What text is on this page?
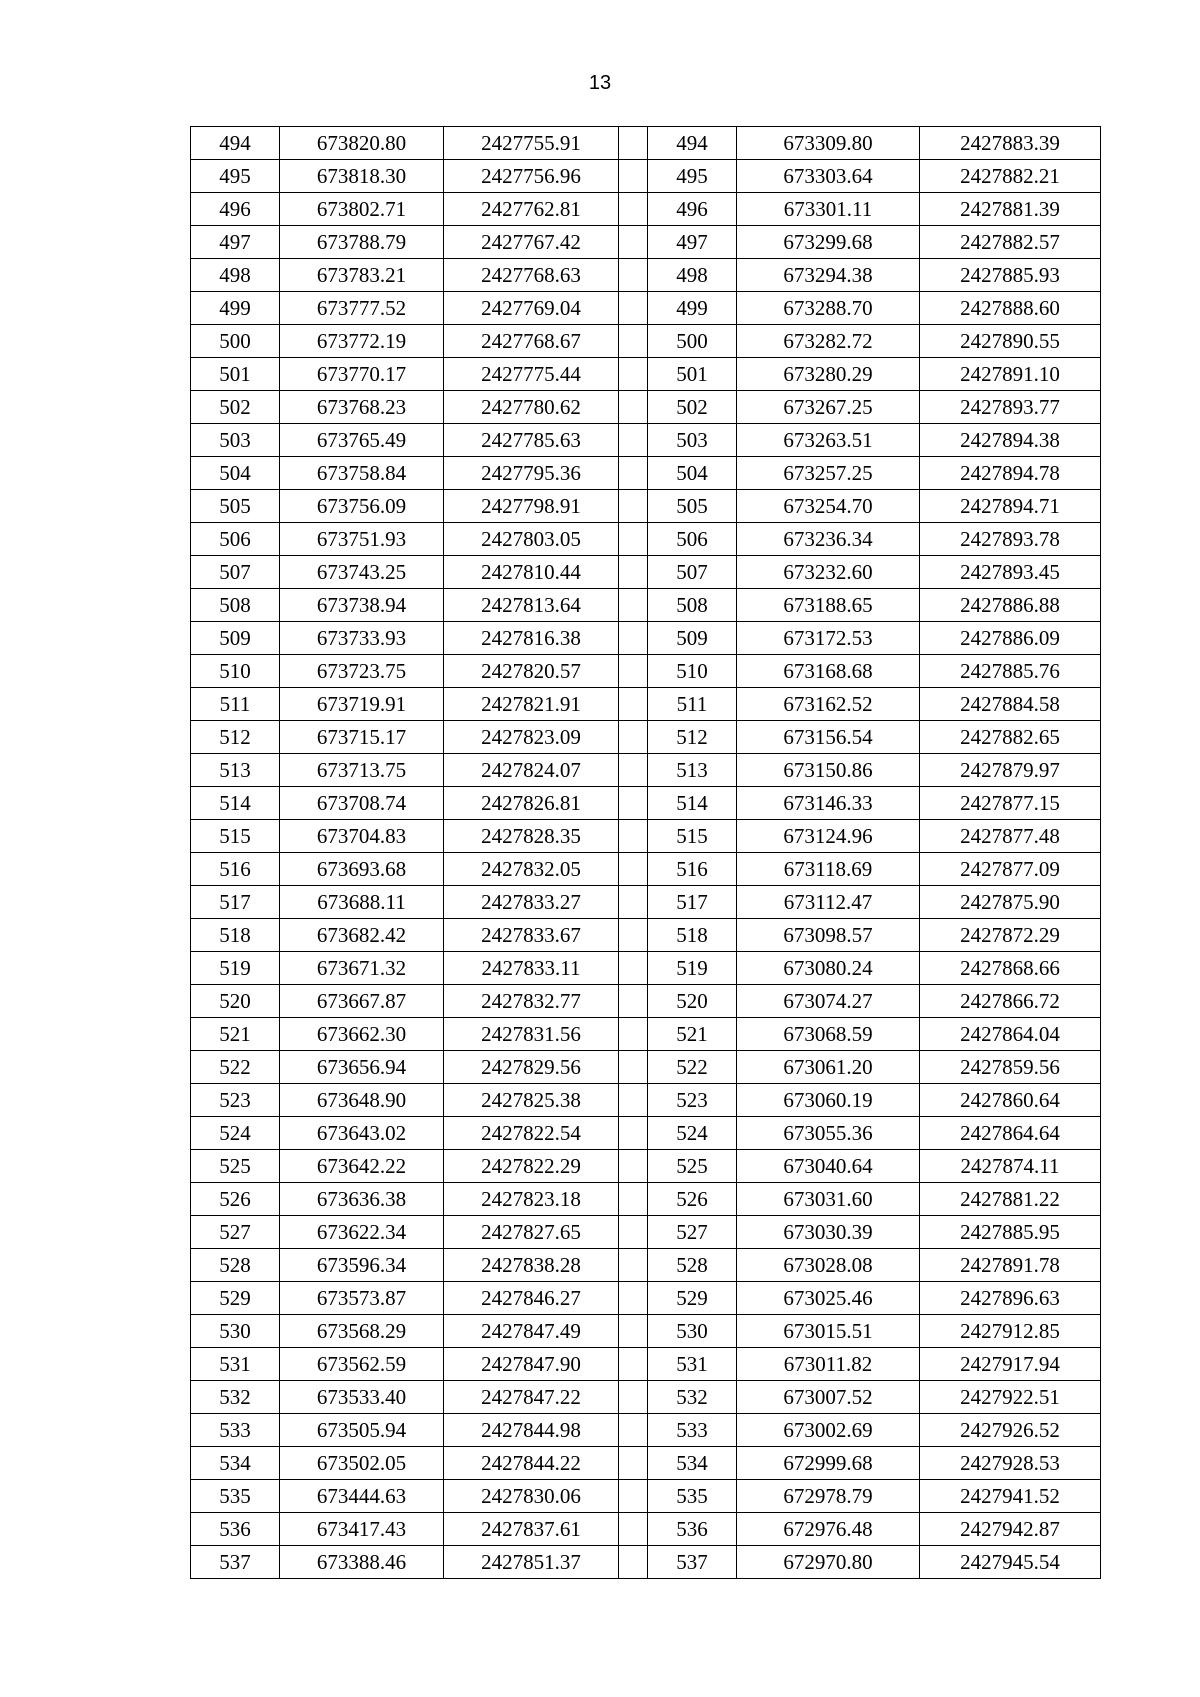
13
494	673820.80	2427755.91		494	673309.80	2427883.39
495	673818.30	2427756.96		495	673303.64	2427882.21
496	673802.71	2427762.81		496	673301.11	2427881.39
497	673788.79	2427767.42		497	673299.68	2427882.57
498	673783.21	2427768.63		498	673294.38	2427885.93
499	673777.52	2427769.04		499	673288.70	2427888.60
500	673772.19	2427768.67		500	673282.72	2427890.55
501	673770.17	2427775.44		501	673280.29	2427891.10
502	673768.23	2427780.62		502	673267.25	2427893.77
503	673765.49	2427785.63		503	673263.51	2427894.38
504	673758.84	2427795.36		504	673257.25	2427894.78
505	673756.09	2427798.91		505	673254.70	2427894.71
506	673751.93	2427803.05		506	673236.34	2427893.78
507	673743.25	2427810.44		507	673232.60	2427893.45
508	673738.94	2427813.64		508	673188.65	2427886.88
509	673733.93	2427816.38		509	673172.53	2427886.09
510	673723.75	2427820.57		510	673168.68	2427885.76
511	673719.91	2427821.91		511	673162.52	2427884.58
512	673715.17	2427823.09		512	673156.54	2427882.65
513	673713.75	2427824.07		513	673150.86	2427879.97
514	673708.74	2427826.81		514	673146.33	2427877.15
515	673704.83	2427828.35		515	673124.96	2427877.48
516	673693.68	2427832.05		516	673118.69	2427877.09
517	673688.11	2427833.27		517	673112.47	2427875.90
518	673682.42	2427833.67		518	673098.57	2427872.29
519	673671.32	2427833.11		519	673080.24	2427868.66
520	673667.87	2427832.77		520	673074.27	2427866.72
521	673662.30	2427831.56		521	673068.59	2427864.04
522	673656.94	2427829.56		522	673061.20	2427859.56
523	673648.90	2427825.38		523	673060.19	2427860.64
524	673643.02	2427822.54		524	673055.36	2427864.64
525	673642.22	2427822.29		525	673040.64	2427874.11
526	673636.38	2427823.18		526	673031.60	2427881.22
527	673622.34	2427827.65		527	673030.39	2427885.95
528	673596.34	2427838.28		528	673028.08	2427891.78
529	673573.87	2427846.27		529	673025.46	2427896.63
530	673568.29	2427847.49		530	673015.51	2427912.85
531	673562.59	2427847.90		531	673011.82	2427917.94
532	673533.40	2427847.22		532	673007.52	2427922.51
533	673505.94	2427844.98		533	673002.69	2427926.52
534	673502.05	2427844.22		534	672999.68	2427928.53
535	673444.63	2427830.06		535	672978.79	2427941.52
536	673417.43	2427837.61		536	672976.48	2427942.87
537	673388.46	2427851.37		537	672970.80	2427945.54
